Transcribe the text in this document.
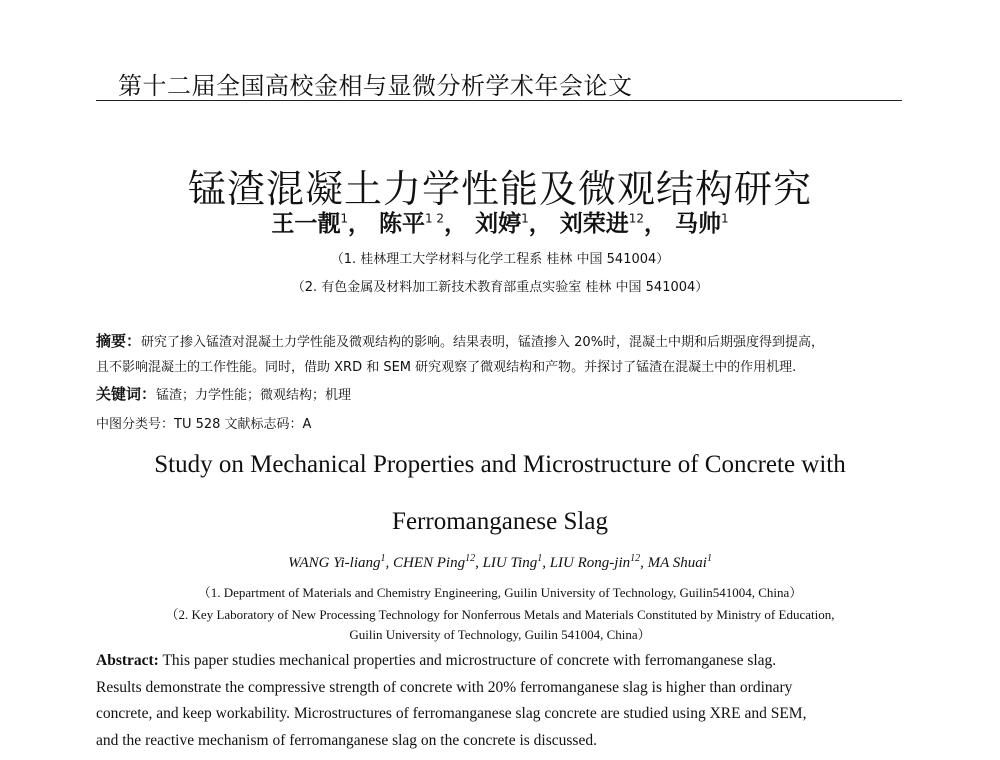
第十二届全国高校金相与显微分析学术年会论文
锰渣混凝土力学性能及微观结构研究
王一靓$^1$， 陈平$^{1 2}$， 刘婷$^1$， 刘荣进$^{12}$， 马帅$^1$
（1. 桂林理工大学材料与化学工程系 桂林 中国 541004）
（2. 有色金属及材料加工新技术教育部重点实验室 桂林 中国 541004）
摘要：研究了掺入锰渣对混凝土力学性能及微观结构的影响。结果表明，锰渣掺入 20%时，混凝土中期和后期强度得到提高，
且不影响混凝土的工作性能。同时，借助 XRD 和 SEM 研究观察了微观结构和产物。并探讨了锰渣在混凝土中的作用机理.
关键词：锰渣；力学性能；微观结构；机理
中图分类号：TU 528 文献标志码：A
Study on Mechanical Properties and Microstructure of Concrete with
Ferromanganese Slag
WANG Yi-liang$^1$, CHEN Ping$^{12}$, LIU Ting$^1$, LIU Rong-jin$^{12}$, MA Shuai$^1$
（1. Department of Materials and Chemistry Engineering, Guilin University of Technology, Guilin541004, China）
（2. Key Laboratory of New Processing Technology for Nonferrous Metals and Materials Constituted by Ministry of Education,
Guilin University of Technology, Guilin 541004, China）
Abstract: This paper studies mechanical properties and microstructure of concrete with ferromanganese slag.
Results demonstrate the compressive strength of concrete with 20% ferromanganese slag is higher than ordinary
concrete, and keep workability. Microstructures of ferromanganese slag concrete are studied using XRE and SEM,
and the reactive mechanism of ferromanganese slag on the concrete is discussed.
